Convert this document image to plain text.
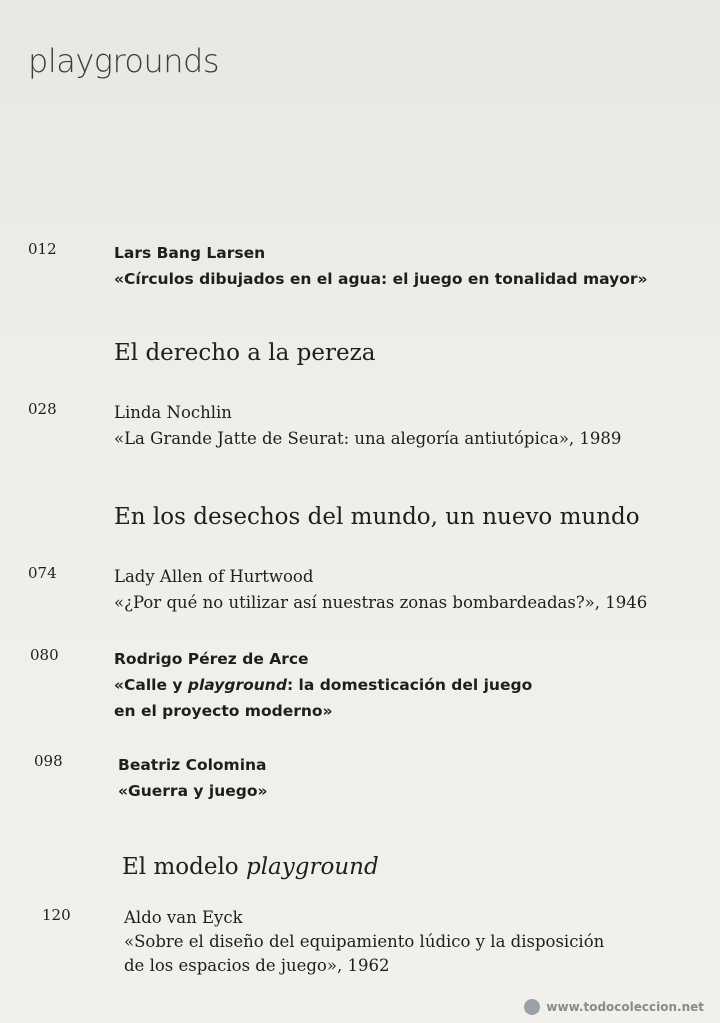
playgrounds
012	Lars Bang Larsen
«Círculos dibujados en el agua: el juego en tonalidad mayor»
El derecho a la pereza
028	Linda Nochlin
«La Grande Jatte de Seurat: una alegoría antiutópica», 1989
En los desechos del mundo, un nuevo mundo
074	Lady Allen of Hurtwood
«¿Por qué no utilizar así nuestras zonas bombardeadas?», 1946
080	Rodrigo Pérez de Arce
«Calle y playground: la domesticación del juego
en el proyecto moderno»
098	Beatriz Colomina
«Guerra y juego»
El modelo playground
120	Aldo van Eyck
«Sobre el diseño del equipamiento lúdico y la disposición
de los espacios de juego», 1962
www.todocoleccion.net
